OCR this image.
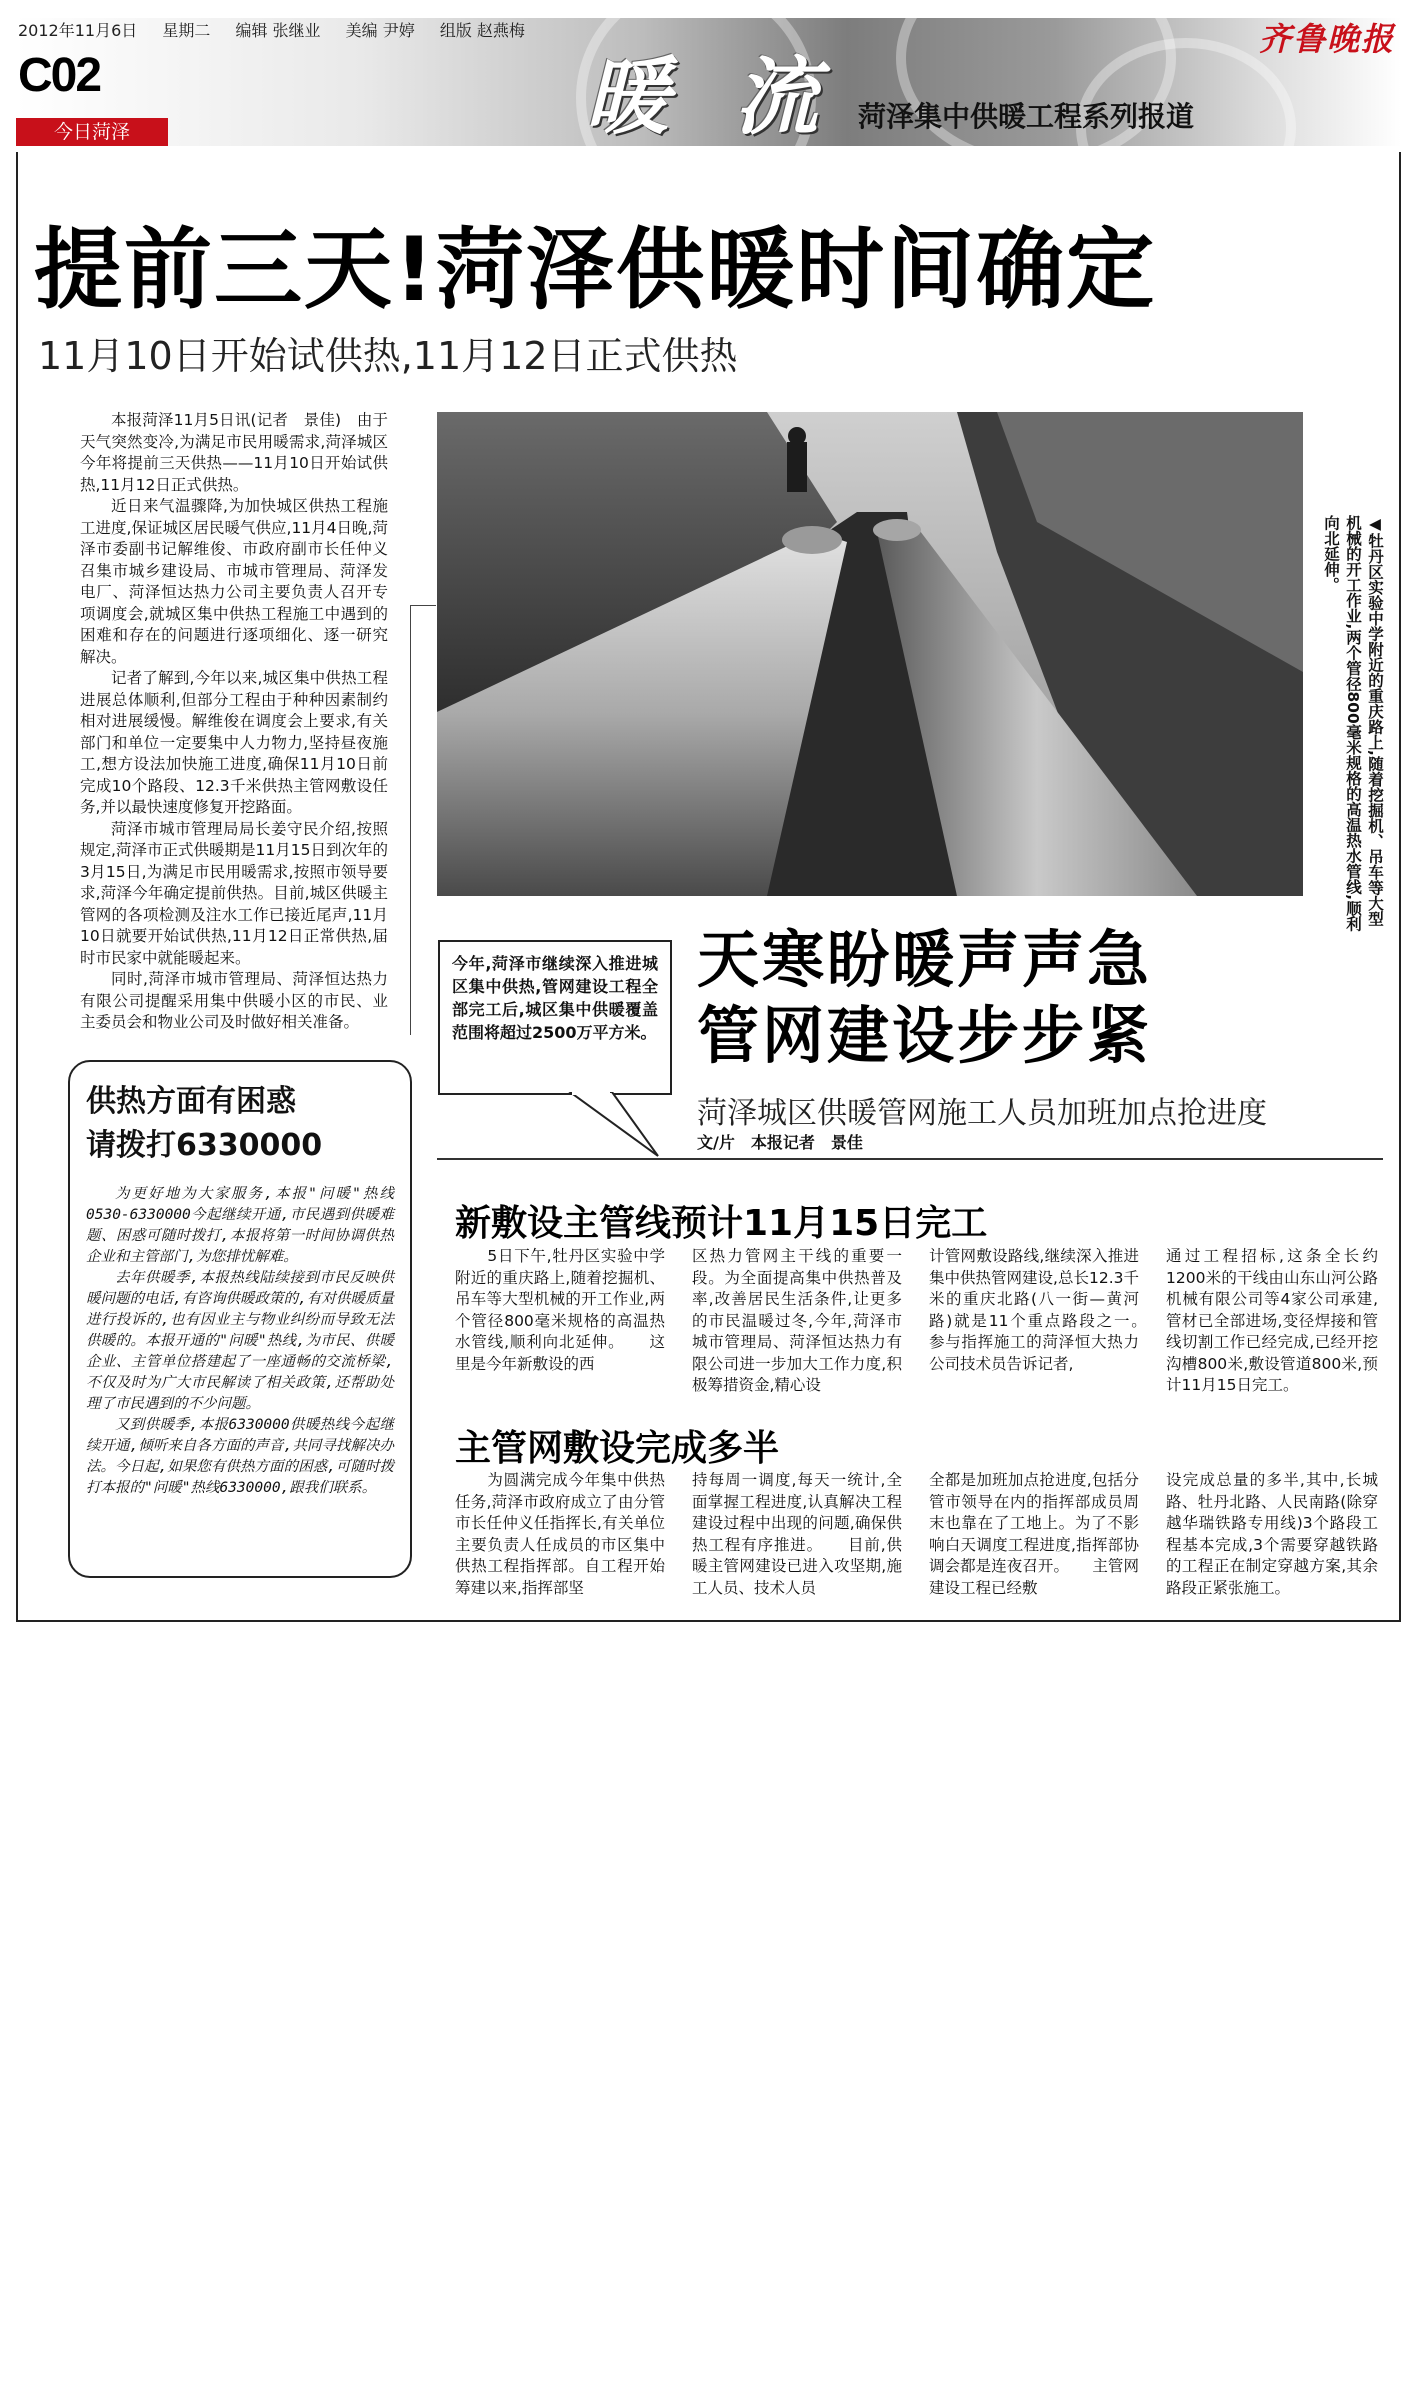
2012年11月6日 星期二 编辑 张继业 美编 尹婷 组版 赵燕梅	齐鲁晚报
C02
今日菏泽	暖 流 菏泽集中供暖工程系列报道
提前三天!菏泽供暖时间确定
11月10日开始试供热,11月12日正式供热

本报菏泽11月5日讯(记者　景佳)　由于天气突然变冷,为满足市民用暖需求,菏泽城区今年将提前三天供热——11月10日开始试供热,11月12日正式供热。

近日来气温骤降,为加快城区供热工程施工进度,保证城区居民暖气供应,11月4日晚,菏泽市委副书记解维俊、市政府副市长任仲义召集市城乡建设局、市城市管理局、菏泽发电厂、菏泽恒达热力公司主要负责人召开专项调度会,就城区集中供热工程施工中遇到的困难和存在的问题进行逐项细化、逐一研究解决。

记者了解到,今年以来,城区集中供热工程进展总体顺利,但部分工程由于种种因素制约相对进展缓慢。解维俊在调度会上要求,有关部门和单位一定要集中人力物力,坚持昼夜施工,想方设法加快施工进度,确保11月10日前完成10个路段、12.3千米供热主管网敷设任务,并以最快速度修复开挖路面。

菏泽市城市管理局局长姜守民介绍,按照规定,菏泽市正式供暖期是11月15日到次年的3月15日,为满足市民用暖需求,按照市领导要求,菏泽今年确定提前供热。目前,城区供暖主管网的各项检测及注水工作已接近尾声,11月10日就要开始试供热,11月12日正常供热,届时市民家中就能暖起来。

同时,菏泽市城市管理局、菏泽恒达热力有限公司提醒采用集中供暖小区的市民、业主委员会和物业公司及时做好相关准备。

供热方面有困惑
请拨打6330000

为更好地为大家服务,本报"问暖"热线0530-6330000今起继续开通,市民遇到供暖难题、困惑可随时拨打,本报将第一时间协调供热企业和主管部门,为您排忧解难。

去年供暖季,本报热线陆续接到市民反映供暖问题的电话,有咨询供暖政策的,有对供暖质量进行投诉的,也有因业主与物业纠纷而导致无法供暖的。本报开通的"问暖"热线,为市民、供暖企业、主管单位搭建起了一座通畅的交流桥梁,不仅及时为广大市民解读了相关政策,还帮助处理了市民遇到的不少问题。

又到供暖季,本报6330000供暖热线今起继续开通,倾听来自各方面的声音,共同寻找解决办法。今日起,如果您有供热方面的困惑,可随时拨打本报的"问暖"热线6330000,跟我们联系。

◀牡丹区实验中学附近的重庆路上,随着挖掘机、吊车等大型机械的开工作业,两个管径800毫米规格的高温热水管线,顺利向北延伸。
今年,菏泽市继续深入推进城区集中供热,管网建设工程全部完工后,城区集中供暖覆盖范围将超过2500万平方米。
天寒盼暖声声急
管网建设步步紧
菏泽城区供暖管网施工人员加班加点抢进度
文/片　本报记者　景佳
新敷设主管线预计11月15日完工
　　5日下午,牡丹区实验中学附近的重庆路上,随着挖掘机、吊车等大型机械的开工作业,两个管径800毫米规格的高温热水管线,顺利向北延伸。　　这里是今年新敷设的西
区热力管网主干线的重要一段。为全面提高集中供热普及率,改善居民生活条件,让更多的市民温暖过冬,今年,菏泽市城市管理局、菏泽恒达热力有限公司进一步加大工作力度,积极筹措资金,精心设
计管网敷设路线,继续深入推进集中供热管网建设,总长12.3千米的重庆北路(八一街—黄河路)就是11个重点路段之一。　　参与指挥施工的菏泽恒大热力公司技术员告诉记者,
通过工程招标,这条全长约1200米的干线由山东山河公路机械有限公司等4家公司承建,管材已全部进场,变径焊接和管线切割工作已经完成,已经开挖沟槽800米,敷设管道800米,预计11月15日完工。
主管网敷设完成多半
　　为圆满完成今年集中供热任务,菏泽市政府成立了由分管市长任仲义任指挥长,有关单位主要负责人任成员的市区集中供热工程指挥部。自工程开始筹建以来,指挥部坚
持每周一调度,每天一统计,全面掌握工程进度,认真解决工程建设过程中出现的问题,确保供热工程有序推进。　　目前,供暖主管网建设已进入攻坚期,施工人员、技术人员
全都是加班加点抢进度,包括分管市领导在内的指挥部成员周末也靠在了工地上。为了不影响白天调度工程进度,指挥部协调会都是连夜召开。　　主管网建设工程已经敷
设完成总量的多半,其中,长城路、牡丹北路、人民南路(除穿越华瑞铁路专用线)3个路段工程基本完成,3个需要穿越铁路的工程正在制定穿越方案,其余路段正紧张施工。
